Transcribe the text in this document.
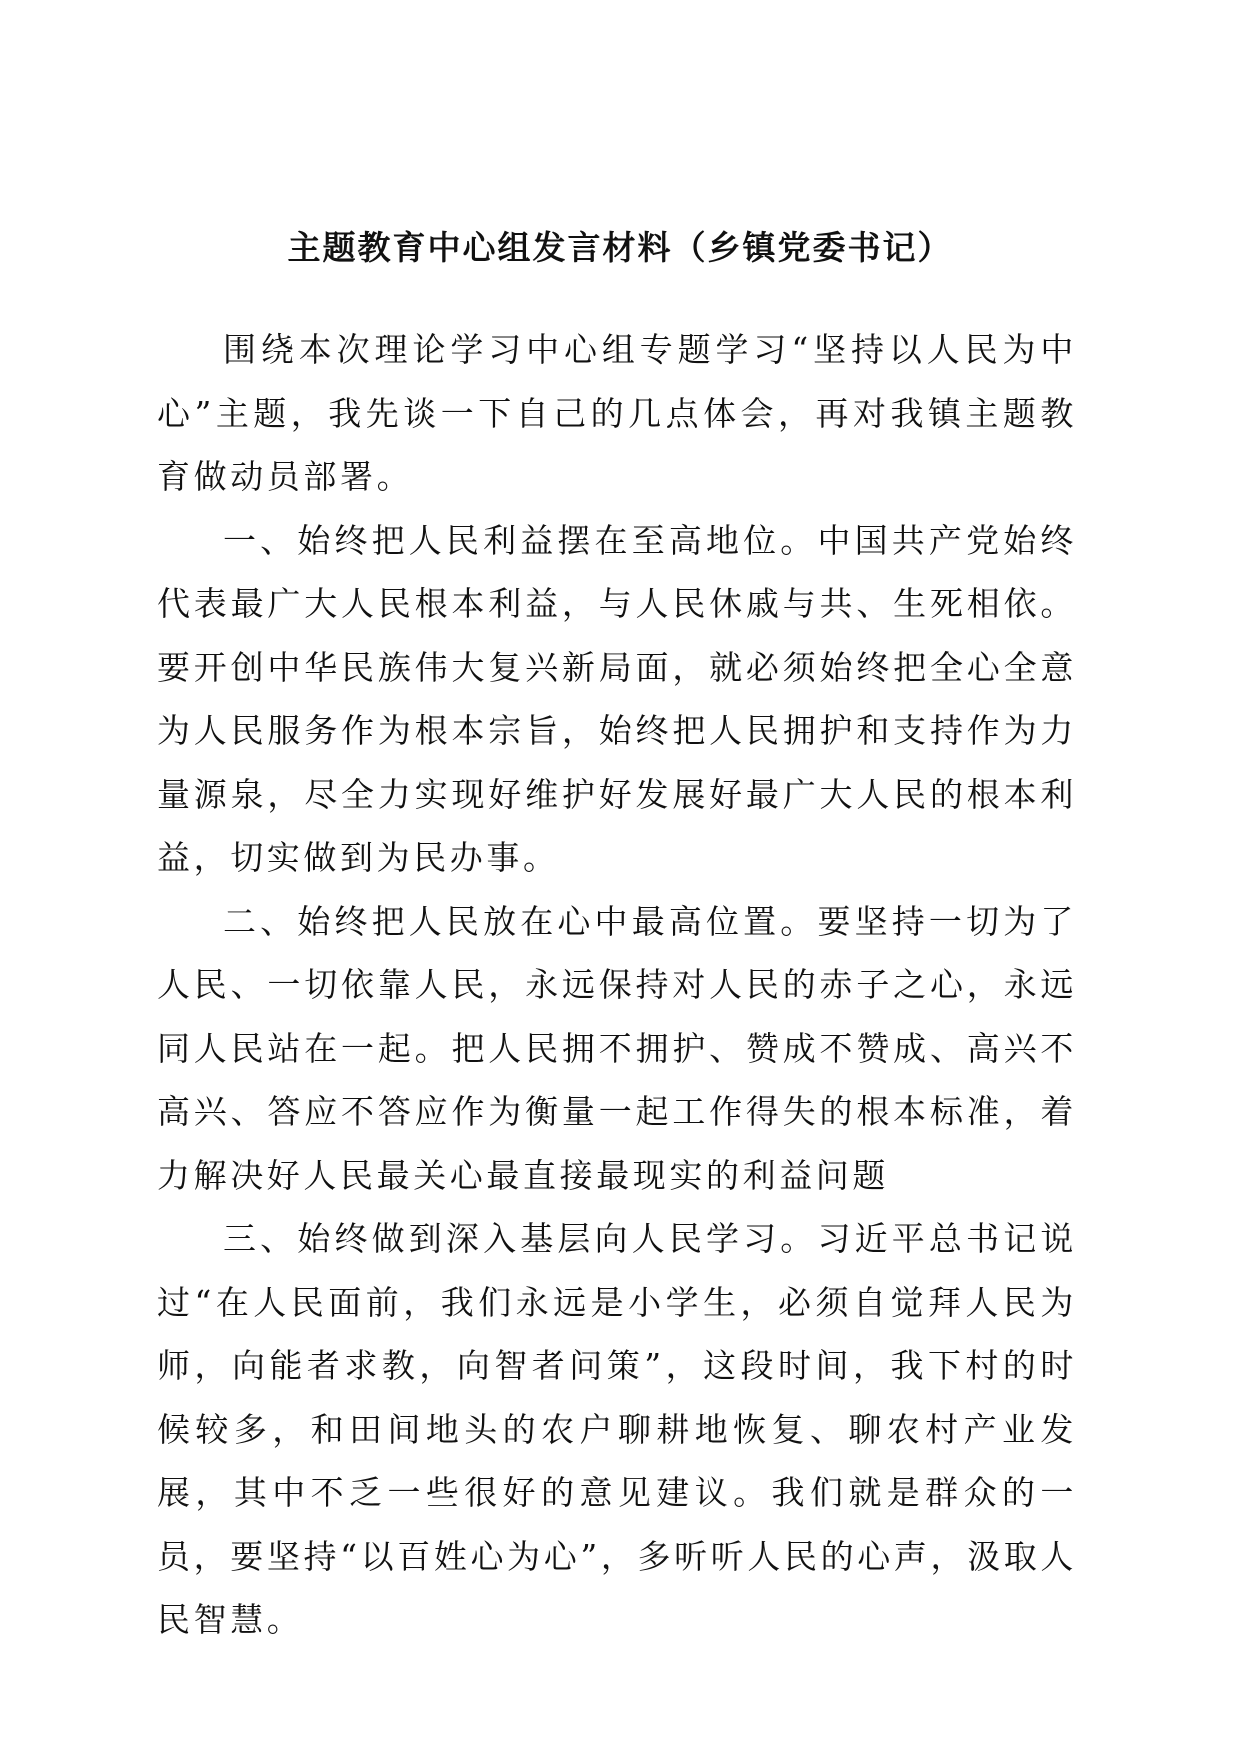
主题教育中心组发言材料（乡镇党委书记）

围绕本次理论学习中心组专题学习“坚持以人民为中心”主题，我先谈一下自己的几点体会，再对我镇主题教育做动员部署。

一、始终把人民利益摆在至高地位。中国共产党始终代表最广大人民根本利益，与人民休戚与共、生死相依。要开创中华民族伟大复兴新局面，就必须始终把全心全意为人民服务作为根本宗旨，始终把人民拥护和支持作为力量源泉，尽全力实现好维护好发展好最广大人民的根本利益，切实做到为民办事。

二、始终把人民放在心中最高位置。要坚持一切为了人民、一切依靠人民，永远保持对人民的赤子之心，永远同人民站在一起。把人民拥不拥护、赞成不赞成、高兴不高兴、答应不答应作为衡量一起工作得失的根本标准，着力解决好人民最关心最直接最现实的利益问题

三、始终做到深入基层向人民学习。习近平总书记说过“在人民面前，我们永远是小学生，必须自觉拜人民为师，向能者求教，向智者问策”，这段时间，我下村的时候较多，和田间地头的农户聊耕地恢复、聊农村产业发展，其中不乏一些很好的意见建议。我们就是群众的一员，要坚持“以百姓心为心”，多听听人民的心声，汲取人民智慧。
